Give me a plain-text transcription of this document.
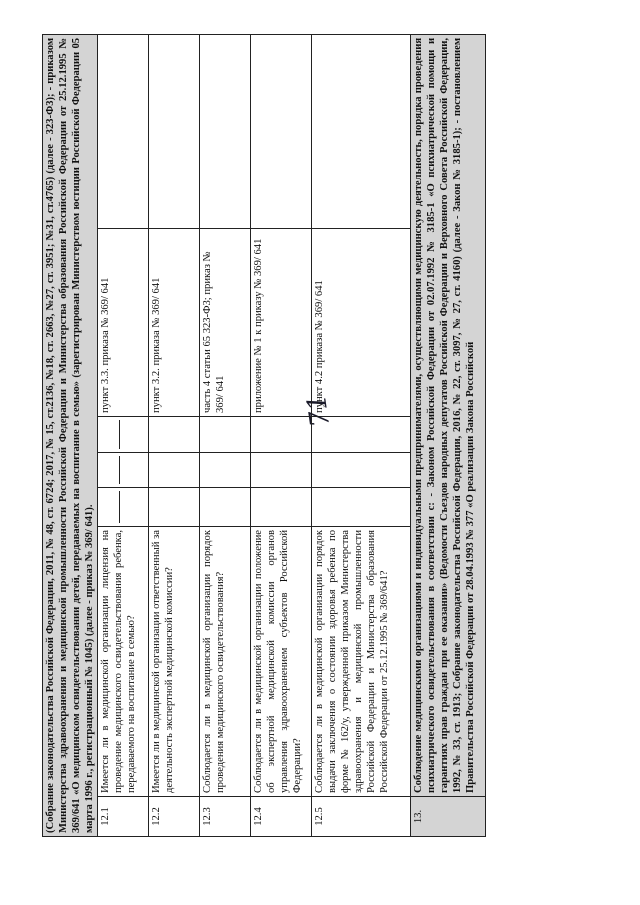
71
(Собрание законодательства Российской Федерации, 2011, № 48, ст. 6724; 2017, № 15, ст.2136, №18, ст. 2663, №27, ст. 3951; №31, ст.4765) (далее - 323-Ф3); - приказом Министерства здравоохранения и медицинской промышленности Российской Федерации и Министерства образования Российской Федерации от 25.12.1995 № 369/641 «О медицинском освидетельствовании детей, передаваемых на воспитание в семью» (зарегистрирован Министерством юстиции Российской Федерации 05 марта 1996 г., регистрационный № 1045) (далее - приказ № 369/ 641).						
12.1	Имеется ли в медицинской организации лицензия на проведение медицинского освидетельствования ребенка, передаваемого на воспитание в семью?				пункт 3.3. приказа № 369/ 641	
12.2	Имеется ли в медицинской организации ответственный за деятельность экспертной медицинской комиссии?				пункт 3.2. приказа № 369/ 641	
12.3	Соблюдается ли в медицинской организации порядок проведения медицинского освидетельствования?				часть 4 статьи 65 323-Ф3; приказ № 369/ 641	
12.4	Соблюдается ли в медицинской организации положение об экспертной медицинской комиссии органов управления здравоохранением субъектов Российской Федерации?				приложение № 1 к приказу № 369/ 641	
12.5	Соблюдается ли в медицинской организации порядок выдачи заключения о состоянии здоровья ребенка по форме № 162/у, утвержденной приказом Министерства здравоохранения и медицинской промышленности Российской Федерации и Министерства образования Российской Федерации от 25.12.1995 № 369/641?				пункт 4.2 приказа № 369/ 641	
13.	Соблюдение медицинскими организациями и индивидуальными предпринимателями, осуществляющими медицинскую деятельность, порядка проведения психиатрического освидетельствования в соответствии с: - Законом Российской Федерации от 02.07.1992 № 3185-1 «О психиатрической помощи и гарантиях прав граждан при ее оказании» (Ведомости Съездов народных депутатов Российской Федерации и Верховного Совета Российской Федерации, 1992, № 33, ст. 1913; Собрание законодательства Российской Федерации, 2016, № 22, ст. 3097, № 27, ст. 4160) (далее - Закон № 3185-1); - постановлением Правительства Российской Федерации от 28.04.1993 № 377 «О реализации Закона Российской					
